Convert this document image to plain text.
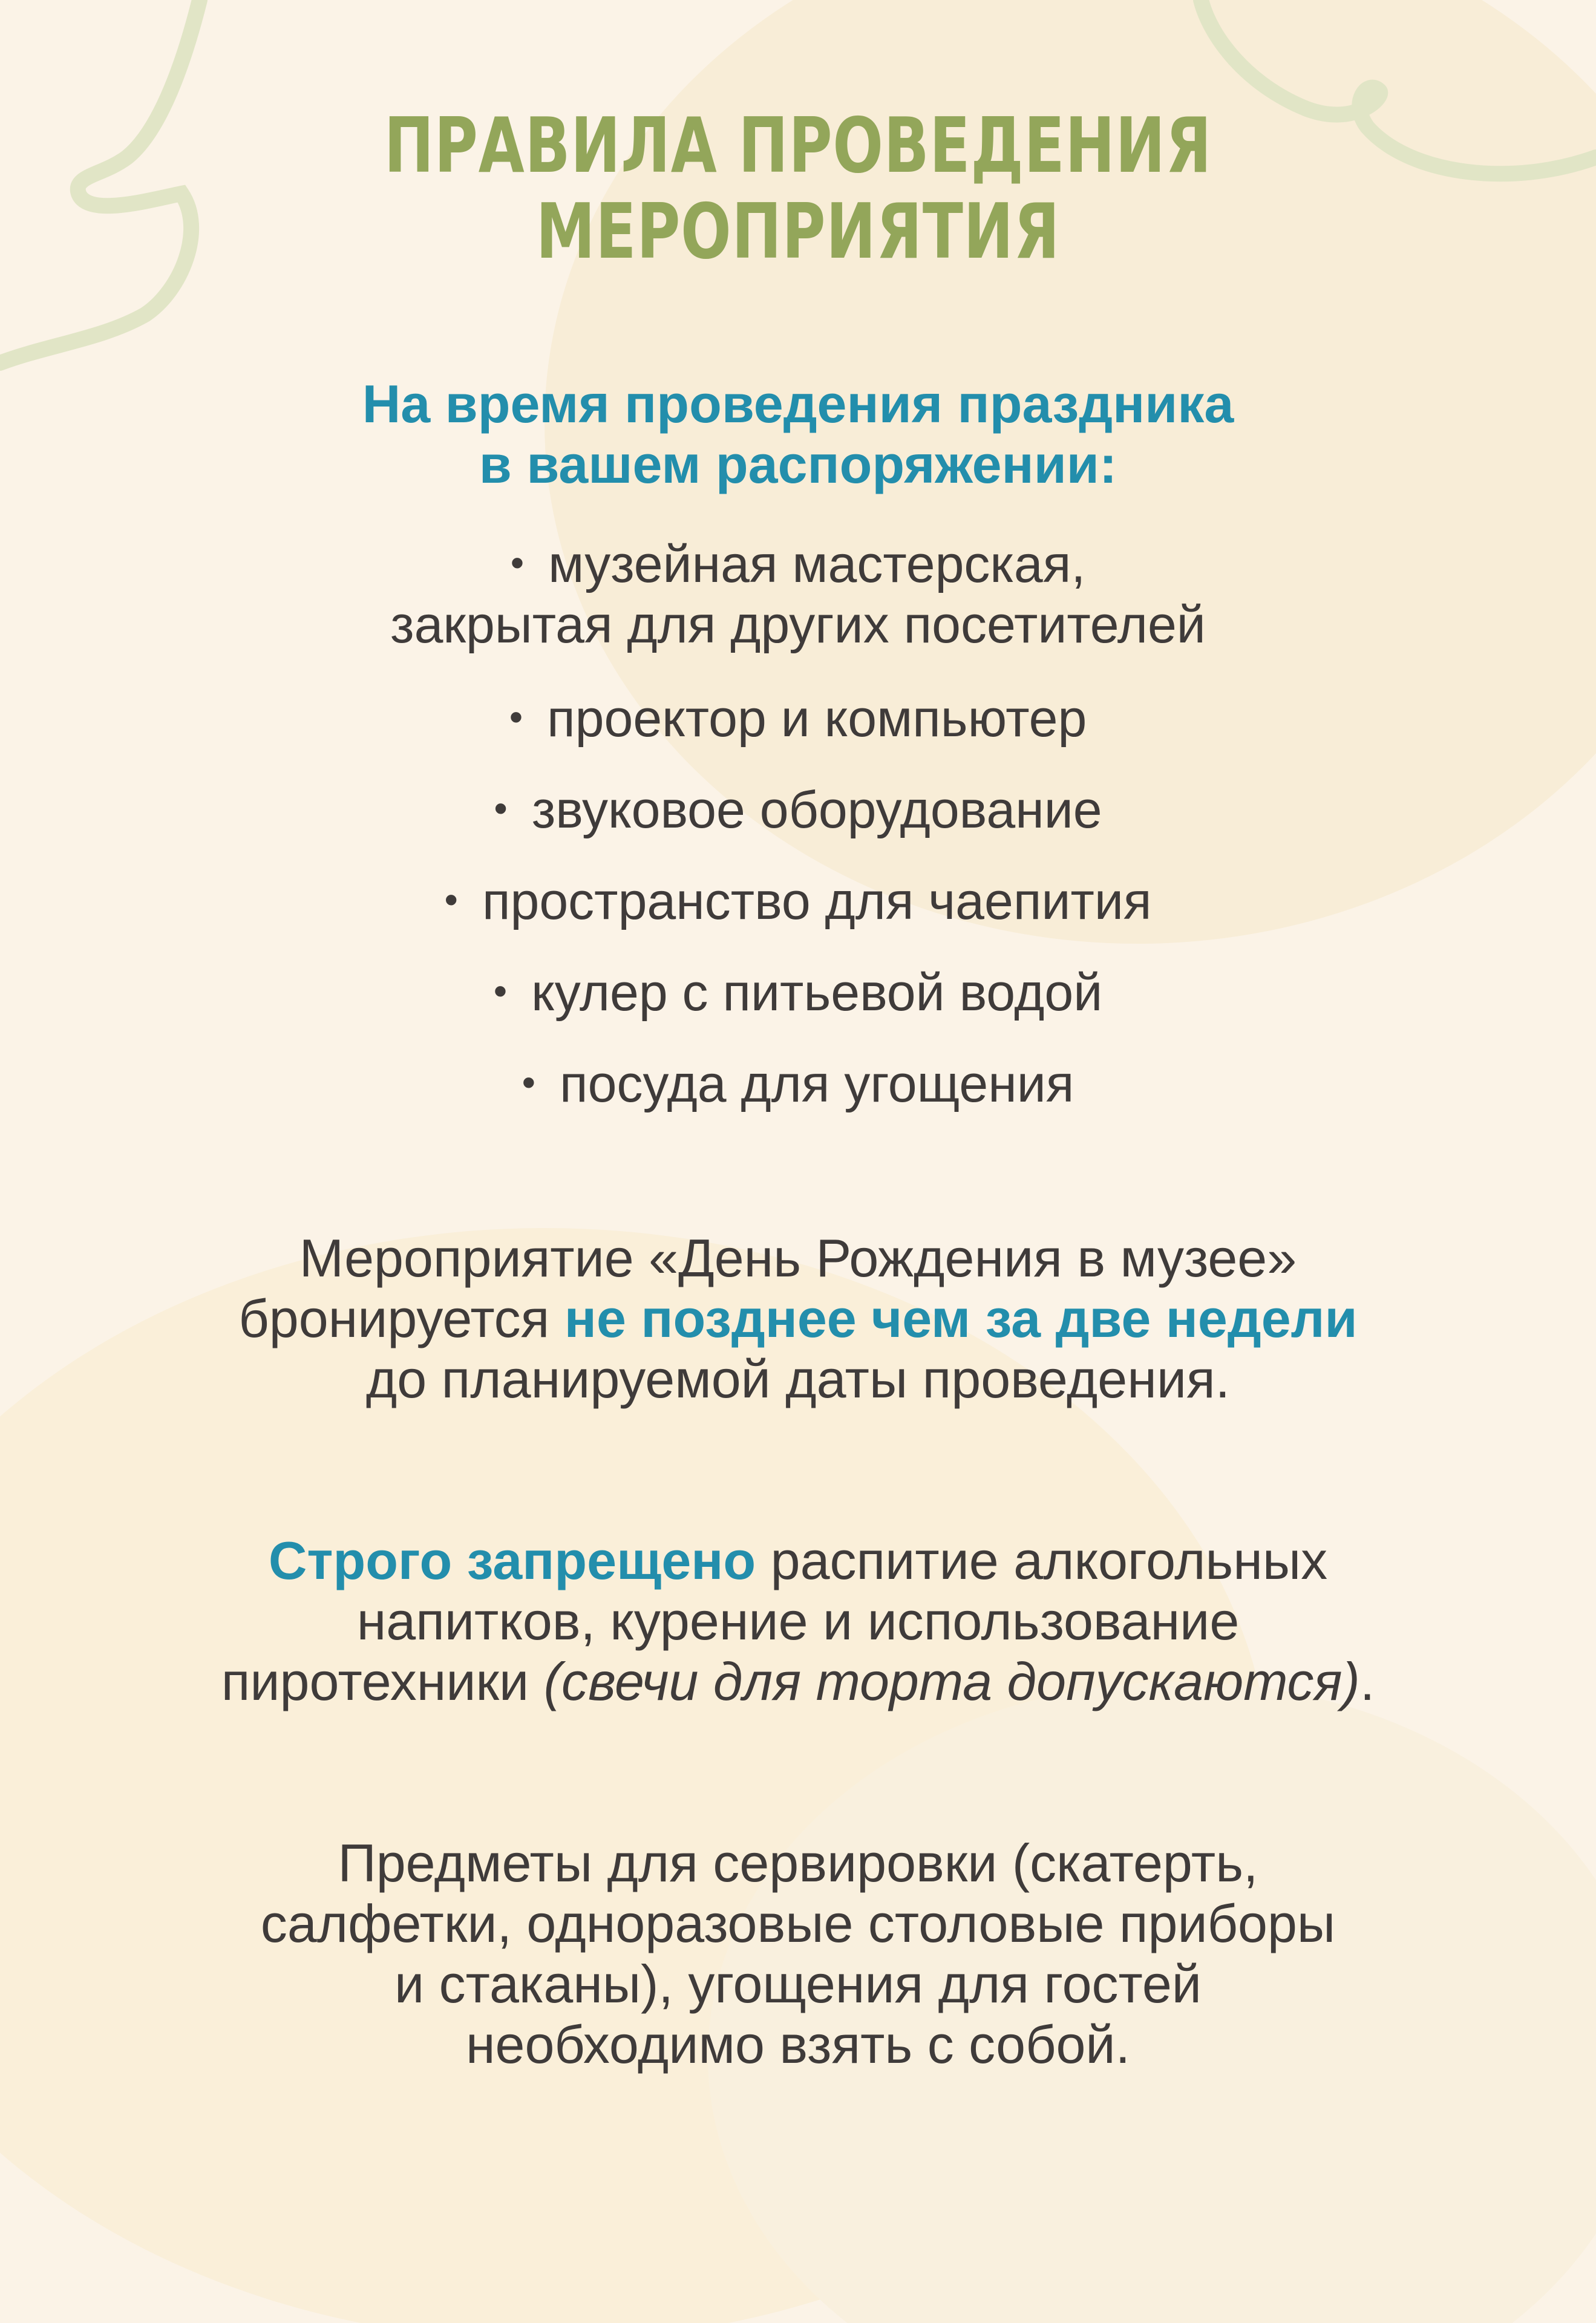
ПРАВИЛА ПРОВЕДЕНИЯ
МЕРОПРИЯТИЯ
На время проведения праздника
в вашем распоряжении:
• музейная мастерская,
закрытая для других посетителей
• проектор и компьютер
• звуковое оборудование
• пространство для чаепития
• кулер с питьевой водой
• посуда для угощения

Мероприятие «День Рождения в музее»
бронируется не позднее чем за две недели
до планируемой даты проведения.

Строго запрещено распитие алкогольных
напитков, курение и использование
пиротехники (свечи для торта допускаются).

Предметы для сервировки (скатерть,
салфетки, одноразовые столовые приборы
и стаканы), угощения для гостей
необходимо взять с собой.
